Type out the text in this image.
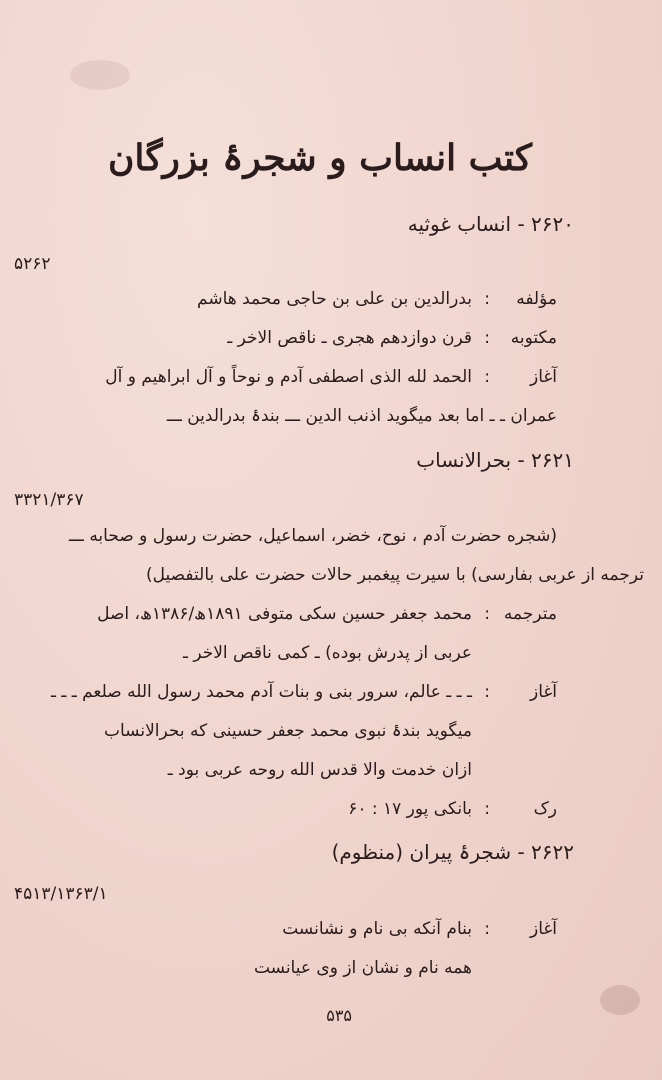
کتب انساب و شجرۂ بزرگان
۲۶۲۰ - انساب غوثیه
۵۲۶۲
مؤلفه
:
بدرالدین بن علی بن حاجی محمد هاشم
مکتوبه
:
قرن دوازدهم هجری ـ ناقص الاخر ـ
آغاز
:
الحمد لله الذی اصطفی آدم و نوحاً و آل ابراهیم و آل
عمران ـ ـ اما بعد میگوید اذنب الدین ـــ بندۂ بدرالدین ـــ
۲۶۲۱ - بحرالانساب
۳۳۲۱/۳۶۷
(شجره حضرت آدم ، نوح، خضر، اسماعیل، حضرت رسول و صحابه ـــ
ترجمه از عربی بفارسی) با سیرت پیغمبر حالات حضرت علی بالتفصیل)
مترجمه
:
محمد جعفر حسین سکی متوفی ۱۸۹۱ھ/۱۳۸۶ھ، اصل
عربی از پدرش بوده) ـ کمی ناقص الاخر ـ
آغاز
:
ـ ـ ـ عالم، سرور بنی و بنات آدم محمد رسول الله صلعم ـ ـ ـ
میگوید بندۂ نبوی محمد جعفر حسینی که بحرالانساب
ازان خدمت والا قدس الله روحه عربی بود ـ
رک
:
بانکی پور ۱۷ : ۶۰
۲۶۲۲ - شجرۂ پیران (منظوم)
۴۵۱۳/۱۳۶۳/۱
آغاز
:
بنام آنکه بی نام و نشانست
همه نام و نشان از وی عیانست
۵۳۵
